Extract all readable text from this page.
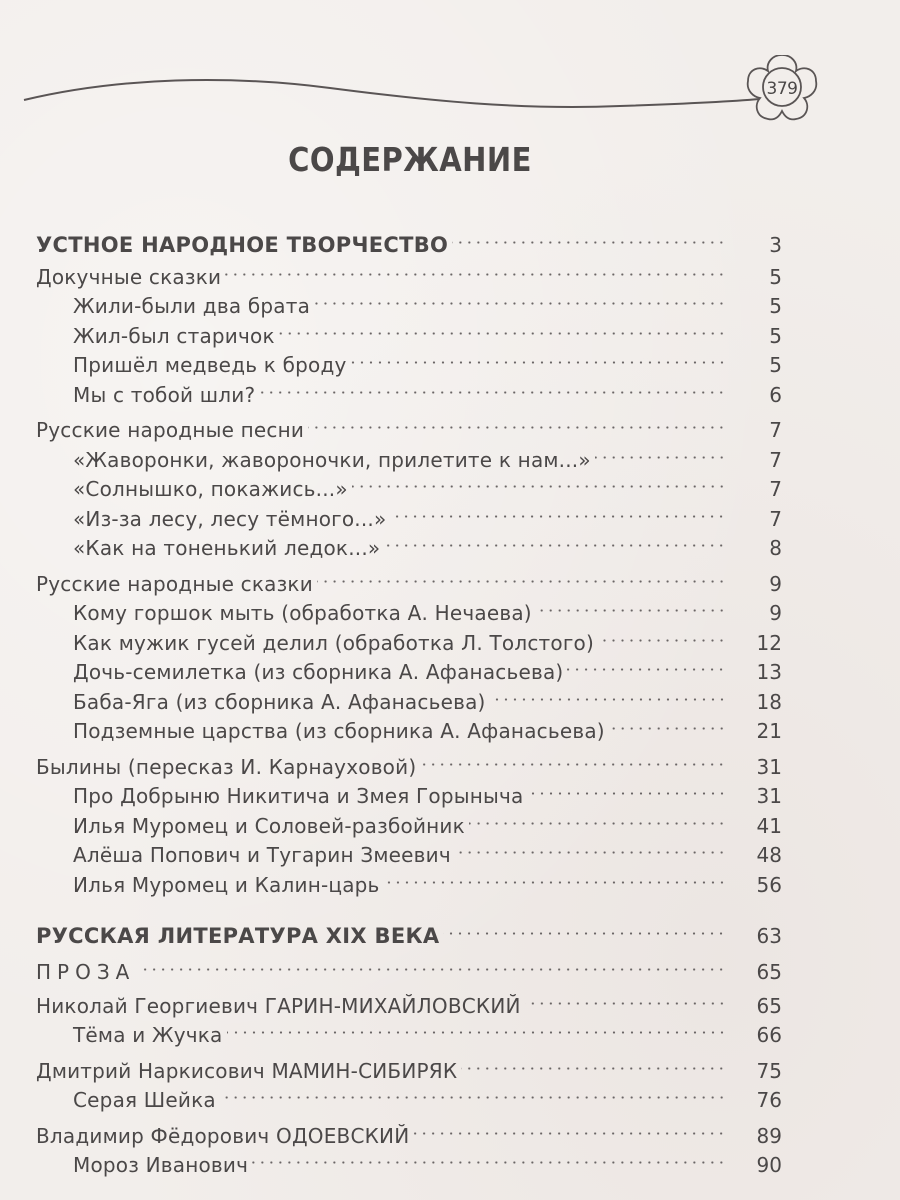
379
СОДЕРЖАНИЕ
УСТНОЕ НАРОДНОЕ ТВОРЧЕСТВО	3
Докучные сказки	5
Жили-были два брата	5
Жил-был старичок	5
Пришёл медведь к броду	5
Мы с тобой шли?	6
Русские народные песни	7
«Жаворонки, жавороночки, прилетите к нам...»	7
«Солнышко, покажись...»	7
«Из-за лесу, лесу тёмного...»	7
«Как на тоненький ледок...»	8
Русские народные сказки	9
Кому горшок мыть (обработка А. Нечаева)	9
Как мужик гусей делил (обработка Л. Толстого)	12
Дочь-семилетка (из сборника А. Афанасьева)	13
Баба-Яга (из сборника А. Афанасьева)	18
Подземные царства (из сборника А. Афанасьева)	21
Былины (пересказ И. Карнауховой)	31
Про Добрыню Никитича и Змея Горыныча	31
Илья Муромец и Соловей-разбойник	41
Алёша Попович и Тугарин Змеевич	48
Илья Муромец и Калин-царь	56
РУССКАЯ ЛИТЕРАТУРА XIX ВЕКА	63
ПРОЗА	65
Николай Георгиевич ГАРИН-МИХАЙЛОВСКИЙ	65
Тёма и Жучка	66
Дмитрий Наркисович МАМИН-СИБИРЯК	75
Серая Шейка	76
Владимир Фёдорович ОДОЕВСКИЙ	89
Мороз Иванович	90
